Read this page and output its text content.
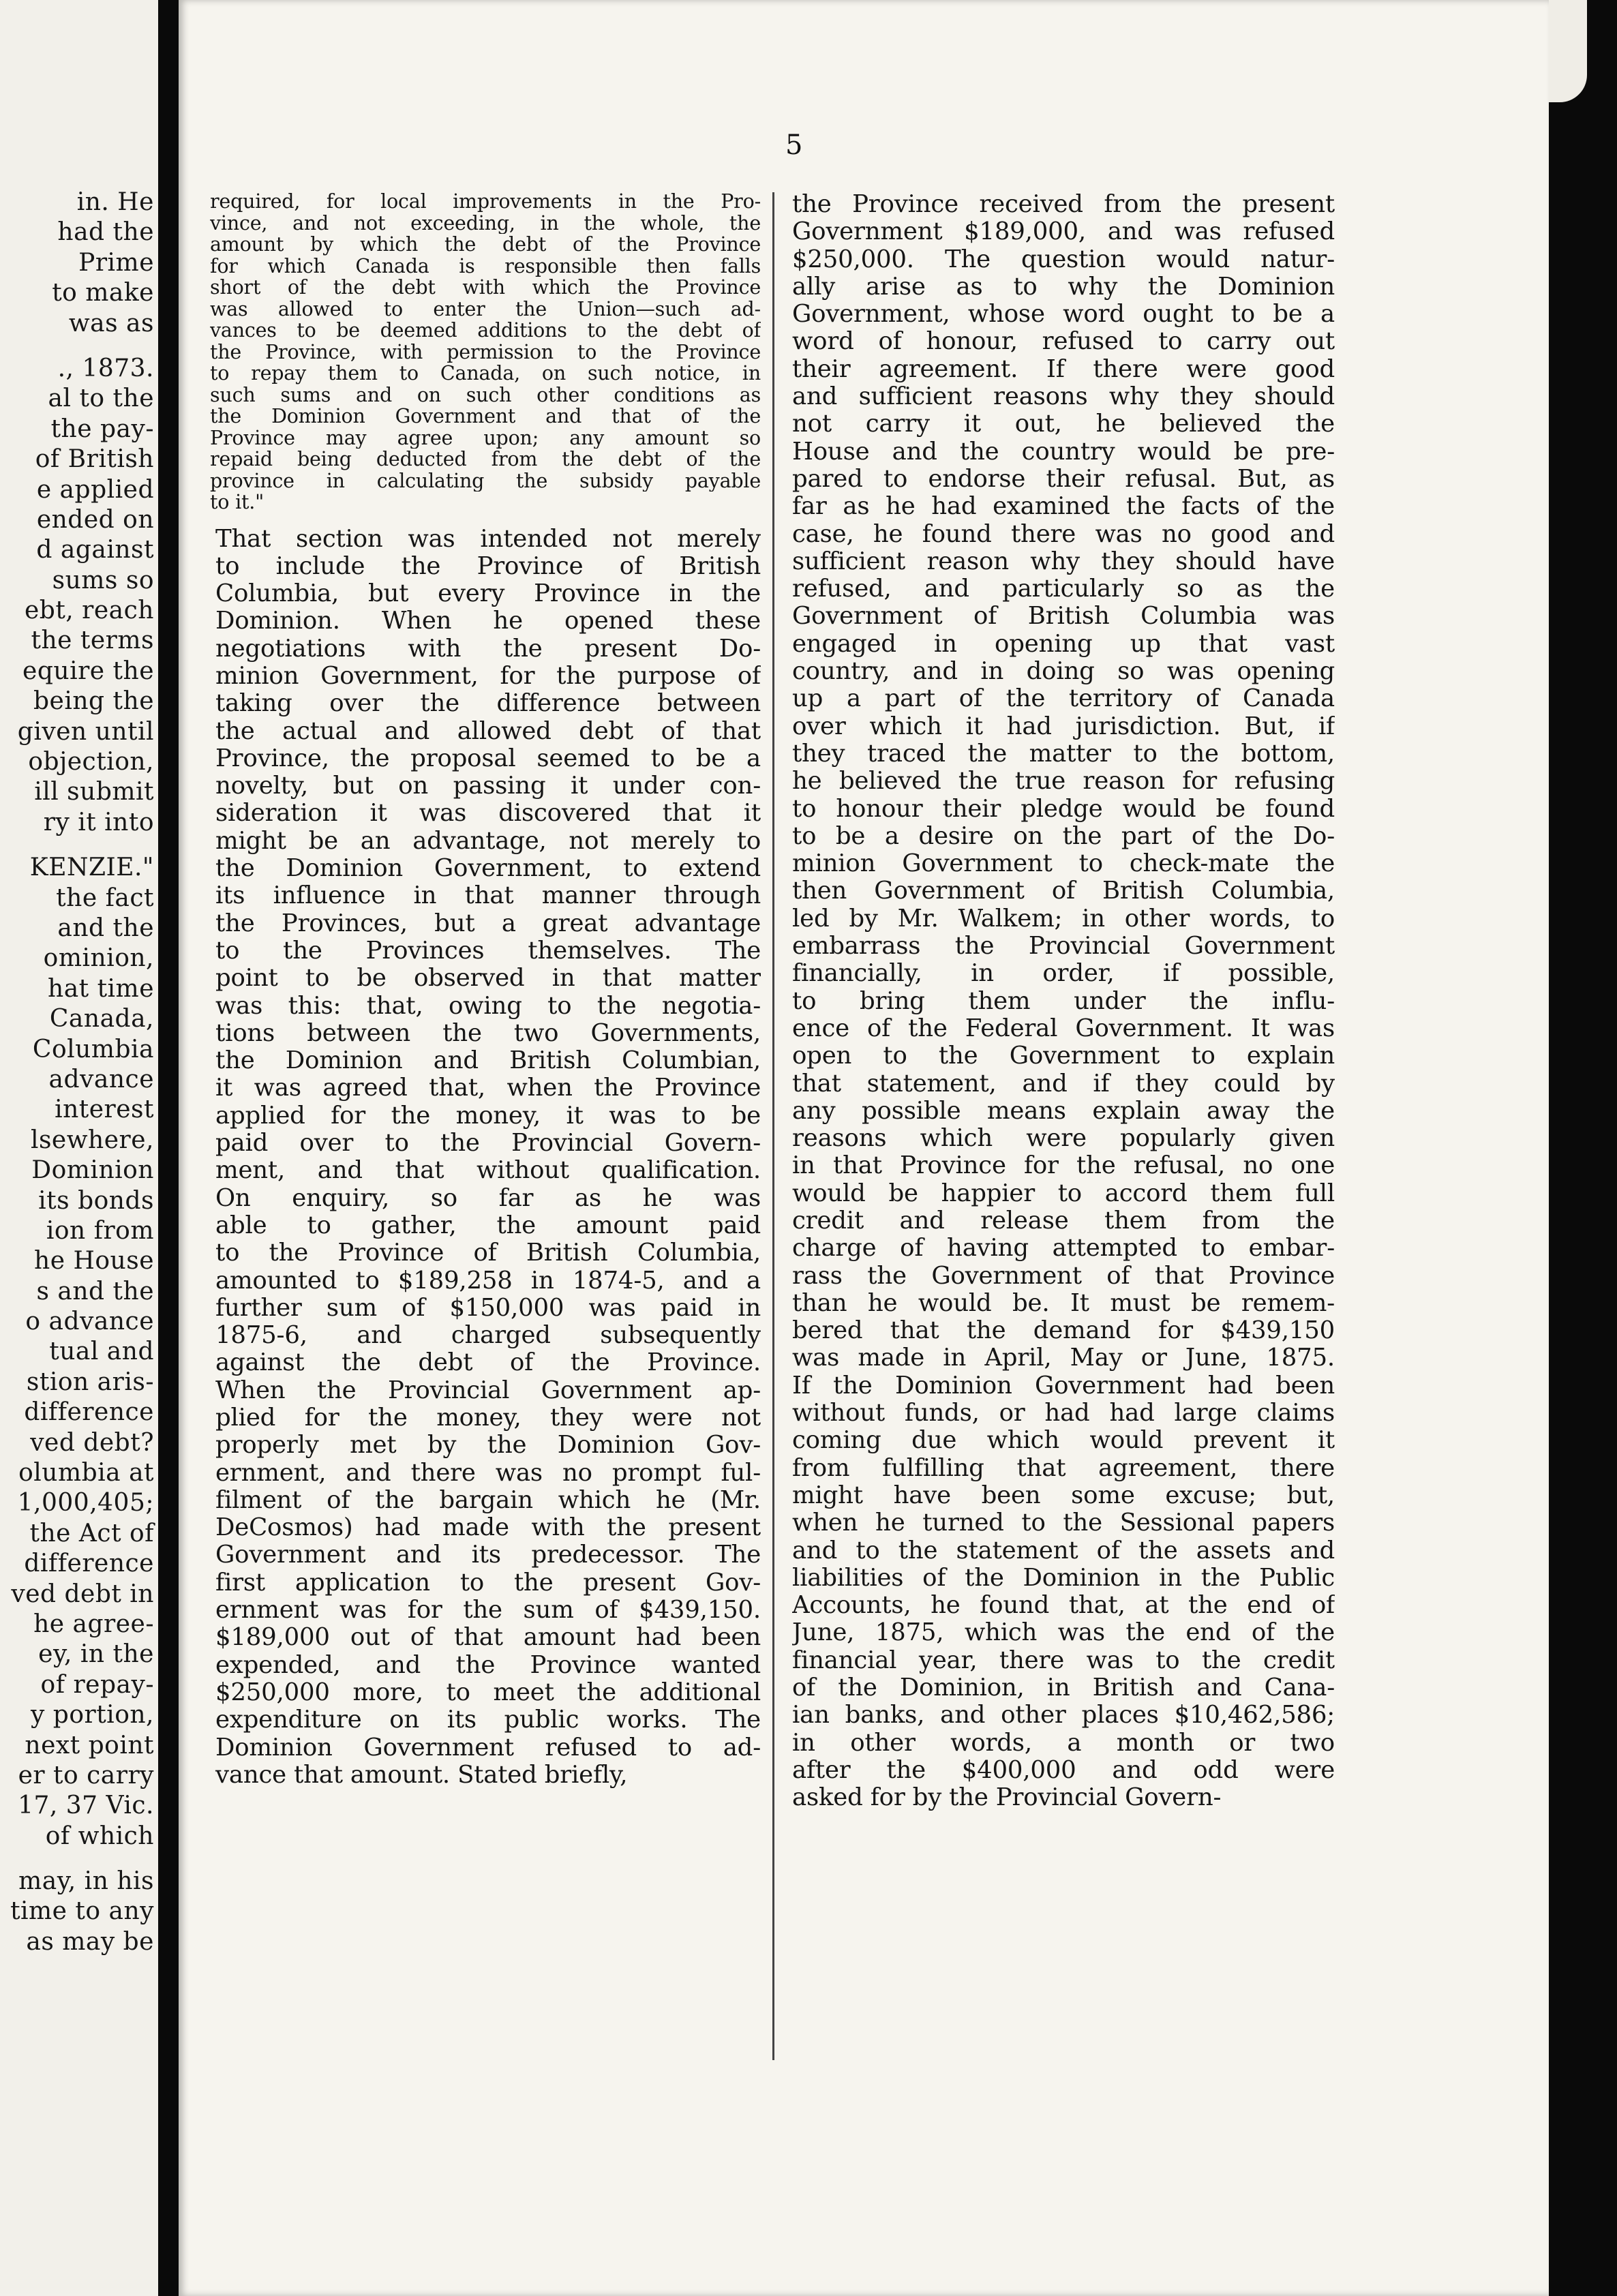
in. He
had the
Prime
to make
was as
., 1873.
al to the
the pay-
of British
e applied
ended on
d against
sums so
ebt, reach
the terms
equire the
being the
given until
objection,
ill submit
ry it into
KENZIE."
the fact
and the
ominion,
hat time
Canada,
Columbia
advance
interest
lsewhere,
Dominion
its bonds
ion from
he House
s and the
o advance
tual and
stion aris-
difference
ved debt?
olumbia at
1,000,405;
the Act of
difference
ved debt in
he agree-
ey, in the
of repay-
y portion,
next point
er to carry
17, 37 Vic.
of which
may, in his
time to any
as may be
5
required, for local improvements in the Pro-
vince, and not exceeding, in the whole, the
amount by which the debt of the Province
for which Canada is responsible then falls
short of the debt with which the Province
was allowed to enter the Union—such ad-
vances to be deemed additions to the debt of
the Province, with permission to the Province
to repay them to Canada, on such notice, in
such sums and on such other conditions as
the Dominion Government and that of the
Province may agree upon; any amount so
repaid being deducted from the debt of the
province in calculating the subsidy payable
to it."
That section was intended not merely
to include the Province of British
Columbia, but every Province in the
Dominion. When he opened these
negotiations with the present Do-
minion Government, for the purpose of
taking over the difference between
the actual and allowed debt of that
Province, the proposal seemed to be a
novelty, but on passing it under con-
sideration it was discovered that it
might be an advantage, not merely to
the Dominion Government, to extend
its influence in that manner through
the Provinces, but a great advantage
to the Provinces themselves. The
point to be observed in that matter
was this: that, owing to the negotia-
tions between the two Governments,
the Dominion and British Columbian,
it was agreed that, when the Province
applied for the money, it was to be
paid over to the Provincial Govern-
ment, and that without qualification.
On enquiry, so far as he was
able to gather, the amount paid
to the Province of British Columbia,
amounted to $189,258 in 1874-5, and a
further sum of $150,000 was paid in
1875-6, and charged subsequently
against the debt of the Province.
When the Provincial Government ap-
plied for the money, they were not
properly met by the Dominion Gov-
ernment, and there was no prompt ful-
filment of the bargain which he (Mr.
DeCosmos) had made with the present
Government and its predecessor. The
first application to the present Gov-
ernment was for the sum of $439,150.
$189,000 out of that amount had been
expended, and the Province wanted
$250,000 more, to meet the additional
expenditure on its public works. The
Dominion Government refused to ad-
vance that amount. Stated briefly,
the Province received from the present
Government $189,000, and was refused
$250,000. The question would natur-
ally arise as to why the Dominion
Government, whose word ought to be a
word of honour, refused to carry out
their agreement. If there were good
and sufficient reasons why they should
not carry it out, he believed the
House and the country would be pre-
pared to endorse their refusal. But, as
far as he had examined the facts of the
case, he found there was no good and
sufficient reason why they should have
refused, and particularly so as the
Government of British Columbia was
engaged in opening up that vast
country, and in doing so was opening
up a part of the territory of Canada
over which it had jurisdiction. But, if
they traced the matter to the bottom,
he believed the true reason for refusing
to honour their pledge would be found
to be a desire on the part of the Do-
minion Government to check-mate the
then Government of British Columbia,
led by Mr. Walkem; in other words, to
embarrass the Provincial Government
financially, in order, if possible,
to bring them under the influ-
ence of the Federal Government. It was
open to the Government to explain
that statement, and if they could by
any possible means explain away the
reasons which were popularly given
in that Province for the refusal, no one
would be happier to accord them full
credit and release them from the
charge of having attempted to embar-
rass the Government of that Province
than he would be. It must be remem-
bered that the demand for $439,150
was made in April, May or June, 1875.
If the Dominion Government had been
without funds, or had had large claims
coming due which would prevent it
from fulfilling that agreement, there
might have been some excuse; but,
when he turned to the Sessional papers
and to the statement of the assets and
liabilities of the Dominion in the Public
Accounts, he found that, at the end of
June, 1875, which was the end of the
financial year, there was to the credit
of the Dominion, in British and Cana-
ian banks, and other places $10,462,586;
in other words, a month or two
after the $400,000 and odd were
asked for by the Provincial Govern-
